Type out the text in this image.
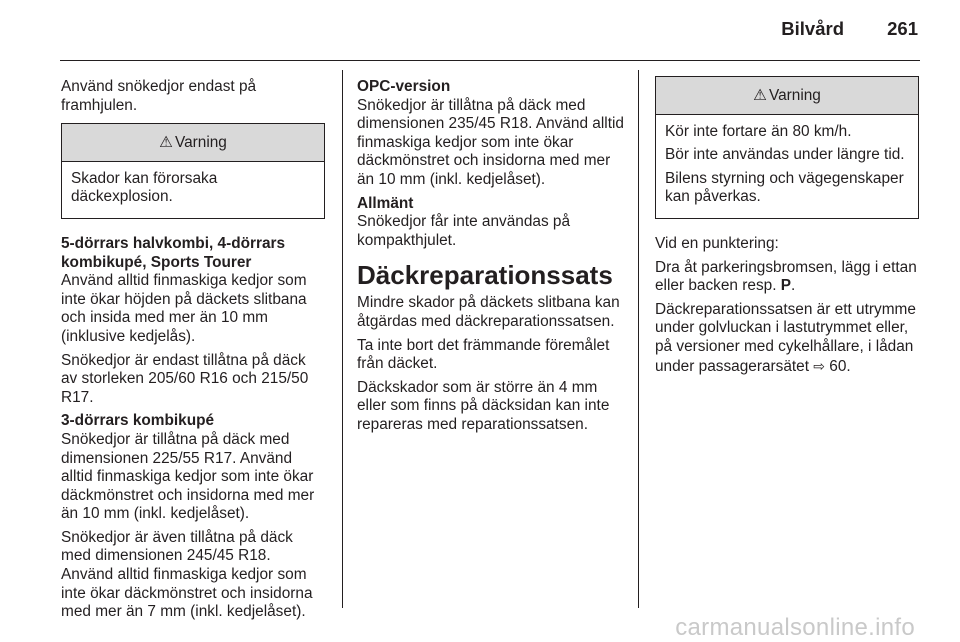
Bilvård 261

Använd snökedjor endast på framhjulen.

⚠ Varning

Skador kan förorsaka däckexplosion.

5-dörrars halvkombi, 4-dörrars kombikupé, Sports Tourer

Använd alltid finmaskiga kedjor som inte ökar höjden på däckets slitbana och insida med mer än 10 mm (inklusive kedjelås).

Snökedjor är endast tillåtna på däck av storleken 205/60 R16 och 215/50 R17.

3-dörrars kombikupé

Snökedjor är tillåtna på däck med dimensionen 225/55 R17. Använd alltid finmaskiga kedjor som inte ökar däckmönstret och insidorna med mer än 10 mm (inkl. kedjelåset).

Snökedjor är även tillåtna på däck med dimensionen 245/45 R18. Använd alltid finmaskiga kedjor som inte ökar däckmönstret och insidorna med mer än 7 mm (inkl. kedjelåset).

OPC-version

Snökedjor är tillåtna på däck med dimensionen 235/45 R18. Använd alltid finmaskiga kedjor som inte ökar däckmönstret och insidorna med mer än 10 mm (inkl. kedjelåset).

Allmänt

Snökedjor får inte användas på kompakthjulet.

Däckreparationssats

Mindre skador på däckets slitbana kan åtgärdas med däckreparationssatsen.

Ta inte bort det främmande föremålet från däcket.

Däckskador som är större än 4 mm eller som finns på däcksidan kan inte repareras med reparationssatsen.

⚠ Varning

Kör inte fortare än 80 km/h.

Bör inte användas under längre tid.

Bilens styrning och vägegenskaper kan påverkas.

Vid en punktering:

Dra åt parkeringsbromsen, lägg i ettan eller backen resp. P.

Däckreparationssatsen är ett utrymme under golvluckan i lastutrymmet eller, på versioner med cykelhållare, i lådan under passagerarsätet ⇨ 60.

carmanualsonline.info
